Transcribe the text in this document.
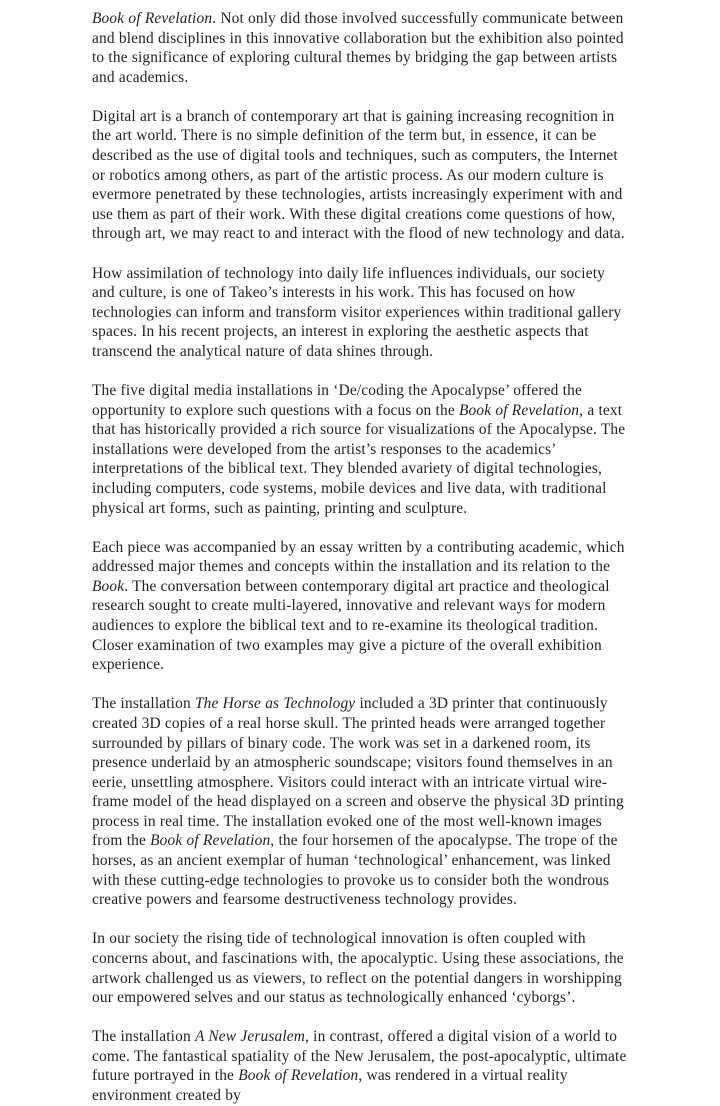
Book of Revelation. Not only did those involved successfully communicate between and blend disciplines in this innovative collaboration but the exhibition also pointed to the significance of exploring cultural themes by bridging the gap between artists and academics.

Digital art is a branch of contemporary art that is gaining increasing recognition in the art world. There is no simple definition of the term but, in essence, it can be described as the use of digital tools and techniques, such as computers, the Internet or robotics among others, as part of the artistic process. As our modern culture is evermore penetrated by these technologies, artists increasingly experiment with and use them as part of their work. With these digital creations come questions of how, through art, we may react to and interact with the flood of new technology and data.

How assimilation of technology into daily life influences individuals, our society and culture, is one of Takeo’s interests in his work. This has focused on how technologies can inform and transform visitor experiences within traditional gallery spaces. In his recent projects, an interest in exploring the aesthetic aspects that transcend the analytical nature of data shines through.

The five digital media installations in ‘De/coding the Apocalypse’ offered the opportunity to explore such questions with a focus on the Book of Revelation, a text that has historically provided a rich source for visualizations of the Apocalypse. The installations were developed from the artist’s responses to the academics’ interpretations of the biblical text. They blended avariety of digital technologies, including computers, code systems, mobile devices and live data, with traditional physical art forms, such as painting, printing and sculpture.

Each piece was accompanied by an essay written by a contributing academic, which addressed major themes and concepts within the installation and its relation to the Book. The conversation between contemporary digital art practice and theological research sought to create multi-layered, innovative and relevant ways for modern audiences to explore the biblical text and to re-examine its theological tradition. Closer examination of two examples may give a picture of the overall exhibition experience.

The installation The Horse as Technology included a 3D printer that continuously created 3D copies of a real horse skull. The printed heads were arranged together surrounded by pillars of binary code. The work was set in a darkened room, its presence underlaid by an atmospheric soundscape; visitors found themselves in an eerie, unsettling atmosphere. Visitors could interact with an intricate virtual wire-frame model of the head displayed on a screen and observe the physical 3D printing process in real time. The installation evoked one of the most well-known images from the Book of Revelation, the four horsemen of the apocalypse. The trope of the horses, as an ancient exemplar of human ‘technological’ enhancement, was linked with these cutting-edge technologies to provoke us to consider both the wondrous creative powers and fearsome destructiveness technology provides.

In our society the rising tide of technological innovation is often coupled with concerns about, and fascinations with, the apocalyptic. Using these associations, the artwork challenged us as viewers, to reflect on the potential dangers in worshipping our empowered selves and our status as technologically enhanced ‘cyborgs’.

The installation A New Jerusalem, in contrast, offered a digital vision of a world to come. The fantastical spatiality of the New Jerusalem, the post-apocalyptic, ultimate future portrayed in the Book of Revelation, was rendered in a virtual reality environment created by
